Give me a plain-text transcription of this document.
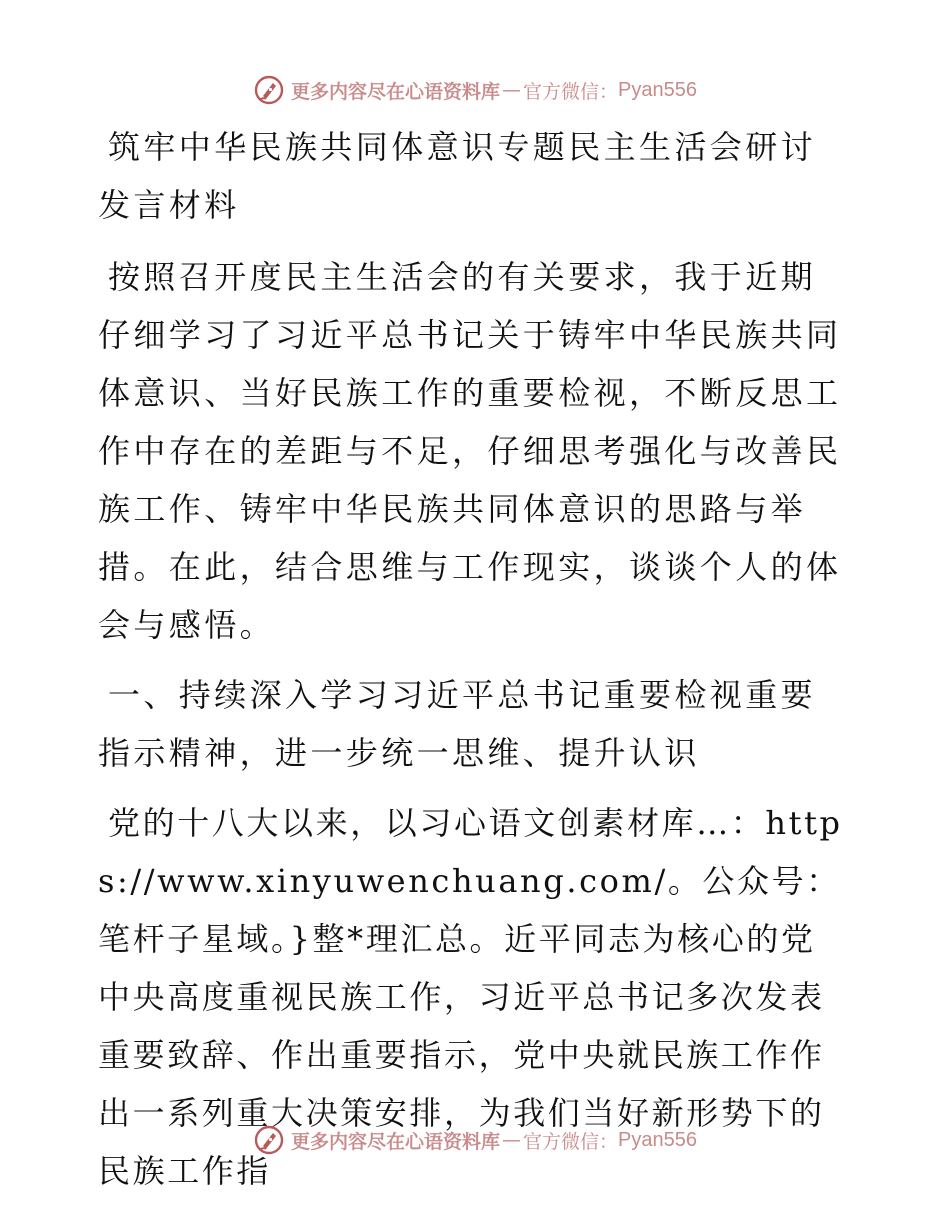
更多内容尽在心语资料库 — 官方微信： Pyan556

筑牢中华民族共同体意识专题民主生活会研讨发言材料

按照召开度民主生活会的有关要求，我于近期仔细学习了习近平总书记关于铸牢中华民族共同体意识、当好民族工作的重要检视，不断反思工作中存在的差距与不足，仔细思考强化与改善民族工作、铸牢中华民族共同体意识的思路与举措。在此，结合思维与工作现实，谈谈个人的体会与感悟。

一、持续深入学习习近平总书记重要检视重要指示精神，进一步统一思维、提升认识

党的十八大以来，以习心语文创素材库…：https://www.xinyuwenchuang.com/。公众号：笔杆子星域。}整*理汇总。近平同志为核心的党中央高度重视民族工作，习近平总书记多次发表重要致辞、作出重要指示，党中央就民族工作作出一系列重大决策安排，为我们当好新形势下的民族工作指

更多内容尽在心语资料库 — 官方微信： Pyan556
